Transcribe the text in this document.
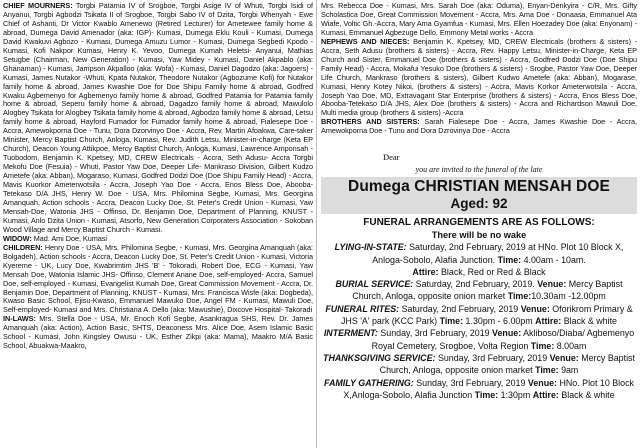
CHIEF MOURNERS: Torgbi Patamia IV of Srogboe, Torgbi Asige IV of Whuti, Torgbi Isidi of Anyanui, Torgbi Agbodzi Tsikata II of Srogboe, Torgbi Sabo IV of Dzita, Torgbi Whenyah - Ewe Chief of Ashanti, Dr Victor Kwablo Amenewo (Retired Lecturer) for Ametewee family home & abroad, Dumega David Amenador (aka: IGP)- Kumasi, Dumega Eklu Kouli - Kumasi, Dumega David Kwakuvi Agbozo - Kumasi, Dumega Amuzu Lumor - Kumasi, Dumega Segbedi Kpodo - Kumasi, Kofi Nakpor Kumasi, Henry K. Yevoo, Dumega Kumah Heletsi- Anyanui, Mathias Setugbe (Chairman, New Generation) - Kumasi, Yaw Midey - Kumasi, Daniel Akpablo (aka: Ghanaman) - Kumasi, Jampson Akpalloo (aka: Wofa) - Kumasi, Daniel Dagodzo (aka: Jagoers) - Kumasi, James Nutakor -Whuti, Kpata Nutakor, Theodore Nutakor (Agbozume Kofi) for Nutakor family home & abroad, James Kwashie Doe for Doe Shipu Family home & abroad, Godfred Kwaku Agbemenyo for Agbemenyo family home & abroad, Godfred Patamia for Patamia family home & abroad, Seperu family home & abroad, Dagadzo family home & abroad, Mawulolo Alogbey Tsikata for Alogbey Tsikata family home & abroad, Agbodzo family home & abroad, Letsu family home & abroad, Hayford Fumador for Fumador family home & abroad, Fialesepe Doe - Accra, Amewokporna Doe - Tunu, Dora Dzorvinyo Doe - Accra, Rev. Martin Afoakwa, Care-taker Minister, Mercy Baptist Church, Anloga, Kumasi, Rev. Judith Letsu, Minister-in-charge (Keta EP Church), Deacon Young Attikpoe, Mercy Baptist Church, Anloga, Kumasi, Lawrence Amponsah - Tuobodom, Benjamin K. Kpetsey, MD, CREW Electricals - Accra, Seth Adusu- Accra Torgbi Mekofu Doe (Fesuia) - Whuti, Pastor Yaw Doe, Deeper Life- Mankraso Division, Gilbert Kudzo Ametefe (aka: Abban), Mogaraso, Kumasi, Godfred Dodzi Doe (Doe Shipu Family Head) - Accra, Mavis Kuorkor Ameterwotsila - Accra, Joseph Yao Doe - Accra, Enos Bless Doe, Abooba-Tetekaso D/A JHS, Henry W. Doe - USA, Mrs. Philomina Segbe, Kumasi, Mrs. Georgina Amanquah, Action schools - Accra, Deacon Lucky Doe, St. Peter's Credit Union - Kumasi, Yaw Mensah-Doe, Watonia JHS - Offinso, Dr. Benjamin Doe, Department of Planning, KNUST - Kumasi, Anlo Dzita Union - Kumasi, Atsorfo, New Generation Corporaters Association - Sokoban Wood Village and Mercy Baptist Church - Kumasi.

WIDOW: Mad. Ami Doe, Kumasi

CHILDREN: Henry Doe - USA, Mrs. Philomina Segbe, - Kumasi, Mrs. Georgina Amanquah (aka: Bolgadeh), Action schools - Accra, Deacon Lucky Doe, St. Peter's Credit Union - Kumasi, Victoria Kyereme - UK, Lucy Doe, Kwabrimtim JHS 'B' - Tokoradi, Robert Doe, ECG - Kumasi, Yaw Mensah Doe, Watonia Islamic JHS- Offinso, Clement Anane Doe, self-employed- Accra, Samuel Doe, self-employed - Kumasi, Evangelist Kumah Doe, Great Commission Movement - Accra, Dr. Benjamin Doe, Department of Planning, KNUST - Kumasi, Mrs. Francisca Wisfe (aka: Dogbeda), Kwaso Basic School, Ejisu-Kwaso, Emmanuel Mawuko Doe, Angel FM - Kumasi, Mawuli Doe, Self-employed- Kumasi and Mrs. Christiana A. Dello (aka: Mawushie), Dixcove Hospital- Takoradi

IN-LAWS: Mrs. Stella Doe - USA, Mr. Enoch Kofi Segbe, Asankragua SHS, Rev. Dr. James Amanquah (aka: Action), Action Basic, SHTS, Deaconess Mrs. Alice Doe, Asem Islamic Basic School - Kumasi, John Kingsley Owusu - UK, Esther Zikpi (aka: Mama), Maakro M/A Basic School, Abuakwa-Maakro,

Mrs. Rebecca Doe - Kumasi, Mrs. Sarah Doe (aka: Oduma), Enyan-Denkyira - C/R, Mrs. Gifty Scholastica Doe, Great Commission Movement - Accra, Mrs. Ama Doe - Donaasa, Emmanuel Ata Wiafe, Voltic Gh.-Accra, Mary Ama Gyamfua - Kumasi, Mrs. Ellen Hoezadey Doe (aka: Enyonam) - Kumasi, Emmanuel Agbezuge Dello, Emmony Metal works - Accra

NEPHEWS AND NIECES: Benjamin K. Kpetsey, MD, CREW Electricals (brothers & sisters) - Accra, Seth Adusu (brothers & sisters) - Accra, Rev. Happy Letsu, Minister-in-Charge, Keta EP Church and Sister, Emmanuel Doe (brothers & sisters) - Accra, Godfred Dodzi Doe (Doe Shipu Family Head) - Accra, Mokafui Yesuko Doe (brothers & sisters) - Srogbe, Pastor Yaw Doe, Deeper Life Church, Mankraso (brothers & sisters), Gilbert Kudwo Ametefe (aka: Abban), Mogarase, Kumasi, Henry Kotey Nikoi, (brothers & sisters) - Accra, Mavis Korkor Ameterwotsila - Accra, Joseph Yao Doe, MD, Extravagant Star Enterprise (brothers & sisters) - Accra, Enos Bless Doe, Abooba-Tetekaso D/A JHS, Alex Doe (brothers & sisters) - Accra and Richardson Mawuli Doe, Multi media group (brothers & sisters) -Accra

BROTHERS AND SISTERS: Sarah Fialesepe Doe - Accra, James Kwashie Doe - Accra, Amewokporna Doe - Tunu and Dora Dzrovinya Doe - Accra

Dear
you are invited to the funeral of the late
Dumega CHRISTIAN MENSAH DOE
Aged: 92
FUNERAL ARRANGEMENTS ARE AS FOLLOWS:
There will be no wake
LYING-IN-STATE: Saturday, 2nd February, 2019 at HNo. Plot 10 Block X, Anloga-Sobolo, Alafia Junction. Time: 4.00am - 10am.
Attire: Black, Red or Red & Black
BURIAL SERVICE: Saturday, 2nd February, 2019. Venue: Mercy Baptist Church, Anloga, opposite onion market Time:10.30am -12.00pm
FUNERAL RITES: Saturday, 2nd February, 2019 Venue: Oforikrom Primary & JHS 'A' park (KCC Park) Time: 1.30pm - 6.00pm Attire: Black & white
INTERMENT: Sunday, 3rd February, 2019 Venue: Akliboso/Diaba/ Agbemenyo Royal Cemetery, Srogboe, Volta Region Time: 8.00am
THANKSGIVING SERVICE: Sunday, 3rd February, 2019 Venue: Mercy Baptist Church, Anloga, opposite onion market Time: 9am
FAMILY GATHERING: Sunday, 3rd February, 2019 Venue: HNo. Plot 10 Block X,Anloga-Sobolo, Alafia Junction Time: 1:30pm Attire: Black & white
